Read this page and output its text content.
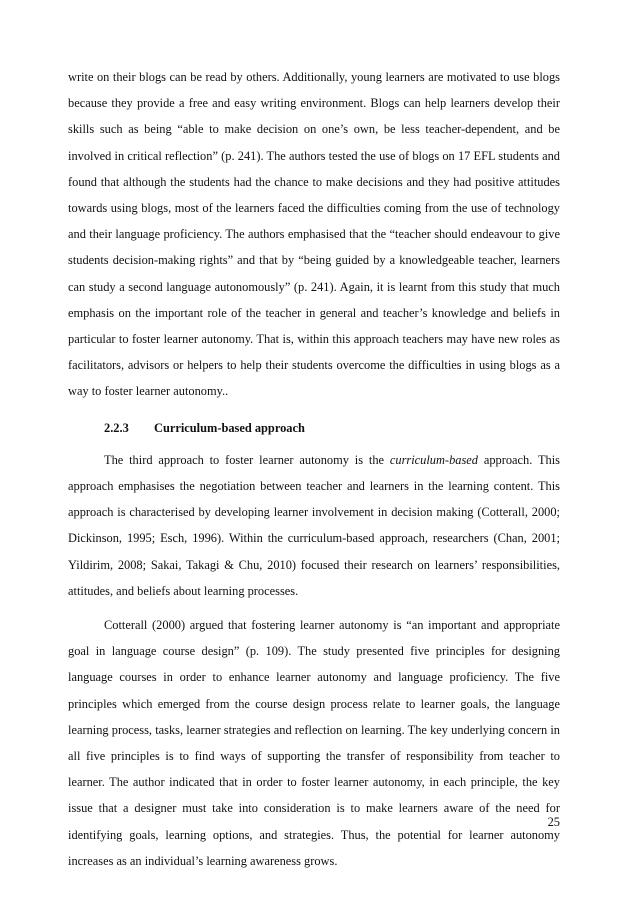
write on their blogs can be read by others. Additionally, young learners are motivated to use blogs because they provide a free and easy writing environment. Blogs can help learners develop their skills such as being “able to make decision on one’s own, be less teacher-dependent, and be involved in critical reflection” (p. 241). The authors tested the use of blogs on 17 EFL students and found that although the students had the chance to make decisions and they had positive attitudes towards using blogs, most of the learners faced the difficulties coming from the use of technology and their language proficiency. The authors emphasised that the “teacher should endeavour to give students decision-making rights” and that by “being guided by a knowledgeable teacher, learners can study a second language autonomously” (p. 241). Again, it is learnt from this study that much emphasis on the important role of the teacher in general and teacher’s knowledge and beliefs in particular to foster learner autonomy. That is, within this approach teachers may have new roles as facilitators, advisors or helpers to help their students overcome the difficulties in using blogs as a way to foster learner autonomy..

2.2.3 Curriculum-based approach

The third approach to foster learner autonomy is the curriculum-based approach. This approach emphasises the negotiation between teacher and learners in the learning content. This approach is characterised by developing learner involvement in decision making (Cotterall, 2000; Dickinson, 1995; Esch, 1996). Within the curriculum-based approach, researchers (Chan, 2001; Yildirim, 2008; Sakai, Takagi & Chu, 2010) focused their research on learners’ responsibilities, attitudes, and beliefs about learning processes.

Cotterall (2000) argued that fostering learner autonomy is “an important and appropriate goal in language course design” (p. 109). The study presented five principles for designing language courses in order to enhance learner autonomy and language proficiency. The five principles which emerged from the course design process relate to learner goals, the language learning process, tasks, learner strategies and reflection on learning. The key underlying concern in all five principles is to find ways of supporting the transfer of responsibility from teacher to learner. The author indicated that in order to foster learner autonomy, in each principle, the key issue that a designer must take into consideration is to make learners aware of the need for identifying goals, learning options, and strategies. Thus, the potential for learner autonomy increases as an individual’s learning awareness grows.

25
